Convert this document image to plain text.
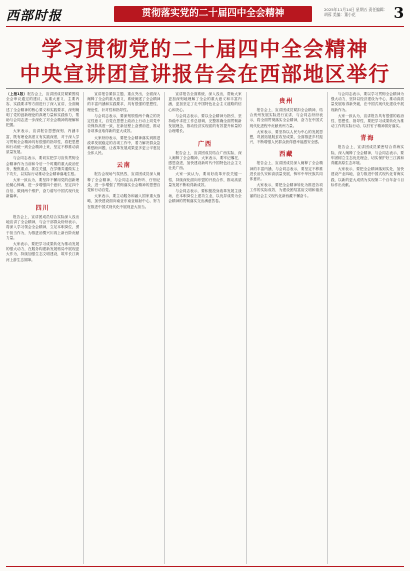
西部时报	贯彻落实党的二十届四中全会精神	2025年11月14日 星期五 责任编辑：胡蓉 美编：董小花	3
学习贯彻党的二十届四中全会精神
中央宣讲团宣讲报告会在西部地区举行

（上接1版）报告会上，宣讲团成员紧紧围绕全会审议通过的建议，从重大意义、主要内容、实践要求等方面进行了深入宣讲，全面阐述了全会精神的核心要义和实践要求，深刻阐明了党的创新理论的真理力量和实践伟力，帮助与会同志进一步深化了对全会精神的理解和把握。

大家表示，宣讲报告思想深刻、内涵丰富，既有理论高度又有实践深度，对于深入学习贯彻全会精神具有很强的指导性，将把思想和行动统一到全会精神上来，坚定不移推动高质量发展。

与会同志表示，要切实把学习宣传贯彻全会精神作为当前和今后一个时期的重大政治任务，聚焦重点、抓住关键，在学懂弄通做实上下功夫，以实际行动推动全会精神落地生根。

大家一致认为，要坚持不懈用党的创新理论凝心铸魂，进一步增强四个意识、坚定四个自信、做到两个维护，奋力谱写中国式现代化新篇章。

四川

报告会上，宣讲团成员结合实际深入浅出地宣讲了全会精神，与会干部群众纷纷表示，将深入学习领会全会精神，立足本职岗位，勇于担当作为，为推进治蜀兴川再上新台阶贡献力量。

大家表示，要把学习成果转化为推动发展的强大动力，在服务构建新发展格局中展现更大作为，持续加强生态文明建设，筑牢长江黄河上游生态屏障。

宣讲报告紧扣主题、重点突出，全面深入阐释了全会的重大意义，系统阐述了全会精神的丰富内涵和实践要求，具有很强的思想性、理论性、针对性和指导性。

与会同志表示，要深刻领悟两个确立的决定性意义，自觉在思想上政治上行动上同党中央保持高度一致，在新征程上奋勇前进，推动各项事业取得新的更大成效。

大家纷纷表示，要把全会精神落实到推进改革发展稳定的各项工作中，着力解决群众急难愁盼问题，让改革发展成果更多更公平惠及全体人民。

云南

报告会现场气氛热烈，宣讲团成员深入阐释了全会精神，与会同志认真聆听、仔细记录，进一步增强了贯彻落实全会精神的思想自觉和行动自觉。

大家表示，要主动服务和融入国家重大战略，加快建设面向南亚东南亚辐射中心，努力在推进中国式现代化中展现更大担当。

宣讲报告全面系统、深入浅出，帮助大家更加深刻地理解了全会的重大意义和丰富内涵，更加坚定了走中国特色社会主义道路的信心和决心。

与会同志表示，要以全会精神为指引，坚持稳中求进工作总基调，完整准确全面贯彻新发展理念，推动经济实现质的有效提升和量的合理增长。

广西

报告会上，宣讲团成员结合广西实际，深入阐释了全会精神，大家表示，要牢记嘱托、感恩奋进，加快建设新时代中国特色社会主义壮美广西。

大家一致认为，要用好改革开放关键一招，持续深化面向东盟的开放合作，推动高质量发展不断取得新成效。

与会同志表示，要积极投身改革发展主战场，在本职岗位上建功立业，以优异成绩为全会精神的贯彻落实交出满意答卷。

贵州

报告会上，宣讲团成员紧扣全会精神，结合贵州发展实际进行宣讲，与会同志纷纷表示，将全面贯彻落实全会精神，奋力在中国式现代化进程中贡献贵州力量。

大家表示，要坚持以人民为中心的发展思想，巩固拓展脱贫攻坚成果，全面推进乡村振兴，不断增强人民群众获得感幸福感安全感。

西藏

报告会上，宣讲团成员深入阐释了全会精神的丰富内涵，与会同志表示，要坚定不移推进长治久安和高质量发展，铸牢中华民族共同体意识。

大家表示，要把全会精神转化为推进各项工作的实际成效，为建设团结富裕文明和谐美丽的社会主义现代化新西藏不懈奋斗。

与会同志表示，要以学习贯彻全会精神为强大动力，坚持以经济建设为中心，推动高质量发展取得新突破，在中国式现代化建设中展现新作为。

大家一致认为，宣讲报告具有很强的政治性、思想性、指导性，要把学习成果转化为推动工作的实际行动，以钉钉子精神抓好落实。

青海

报告会上，宣讲团成员紧密结合青海实际，深入阐释了全会精神，与会同志表示，要牢固树立生态优先理念，切实保护好三江源和青藏高原生态环境。

大家表示，要把全会精神落到实处，加快建设产业四地，奋力推进中国式现代化青海实践，以新的更大成绩为实现第二个百年奋斗目标作出贡献。
